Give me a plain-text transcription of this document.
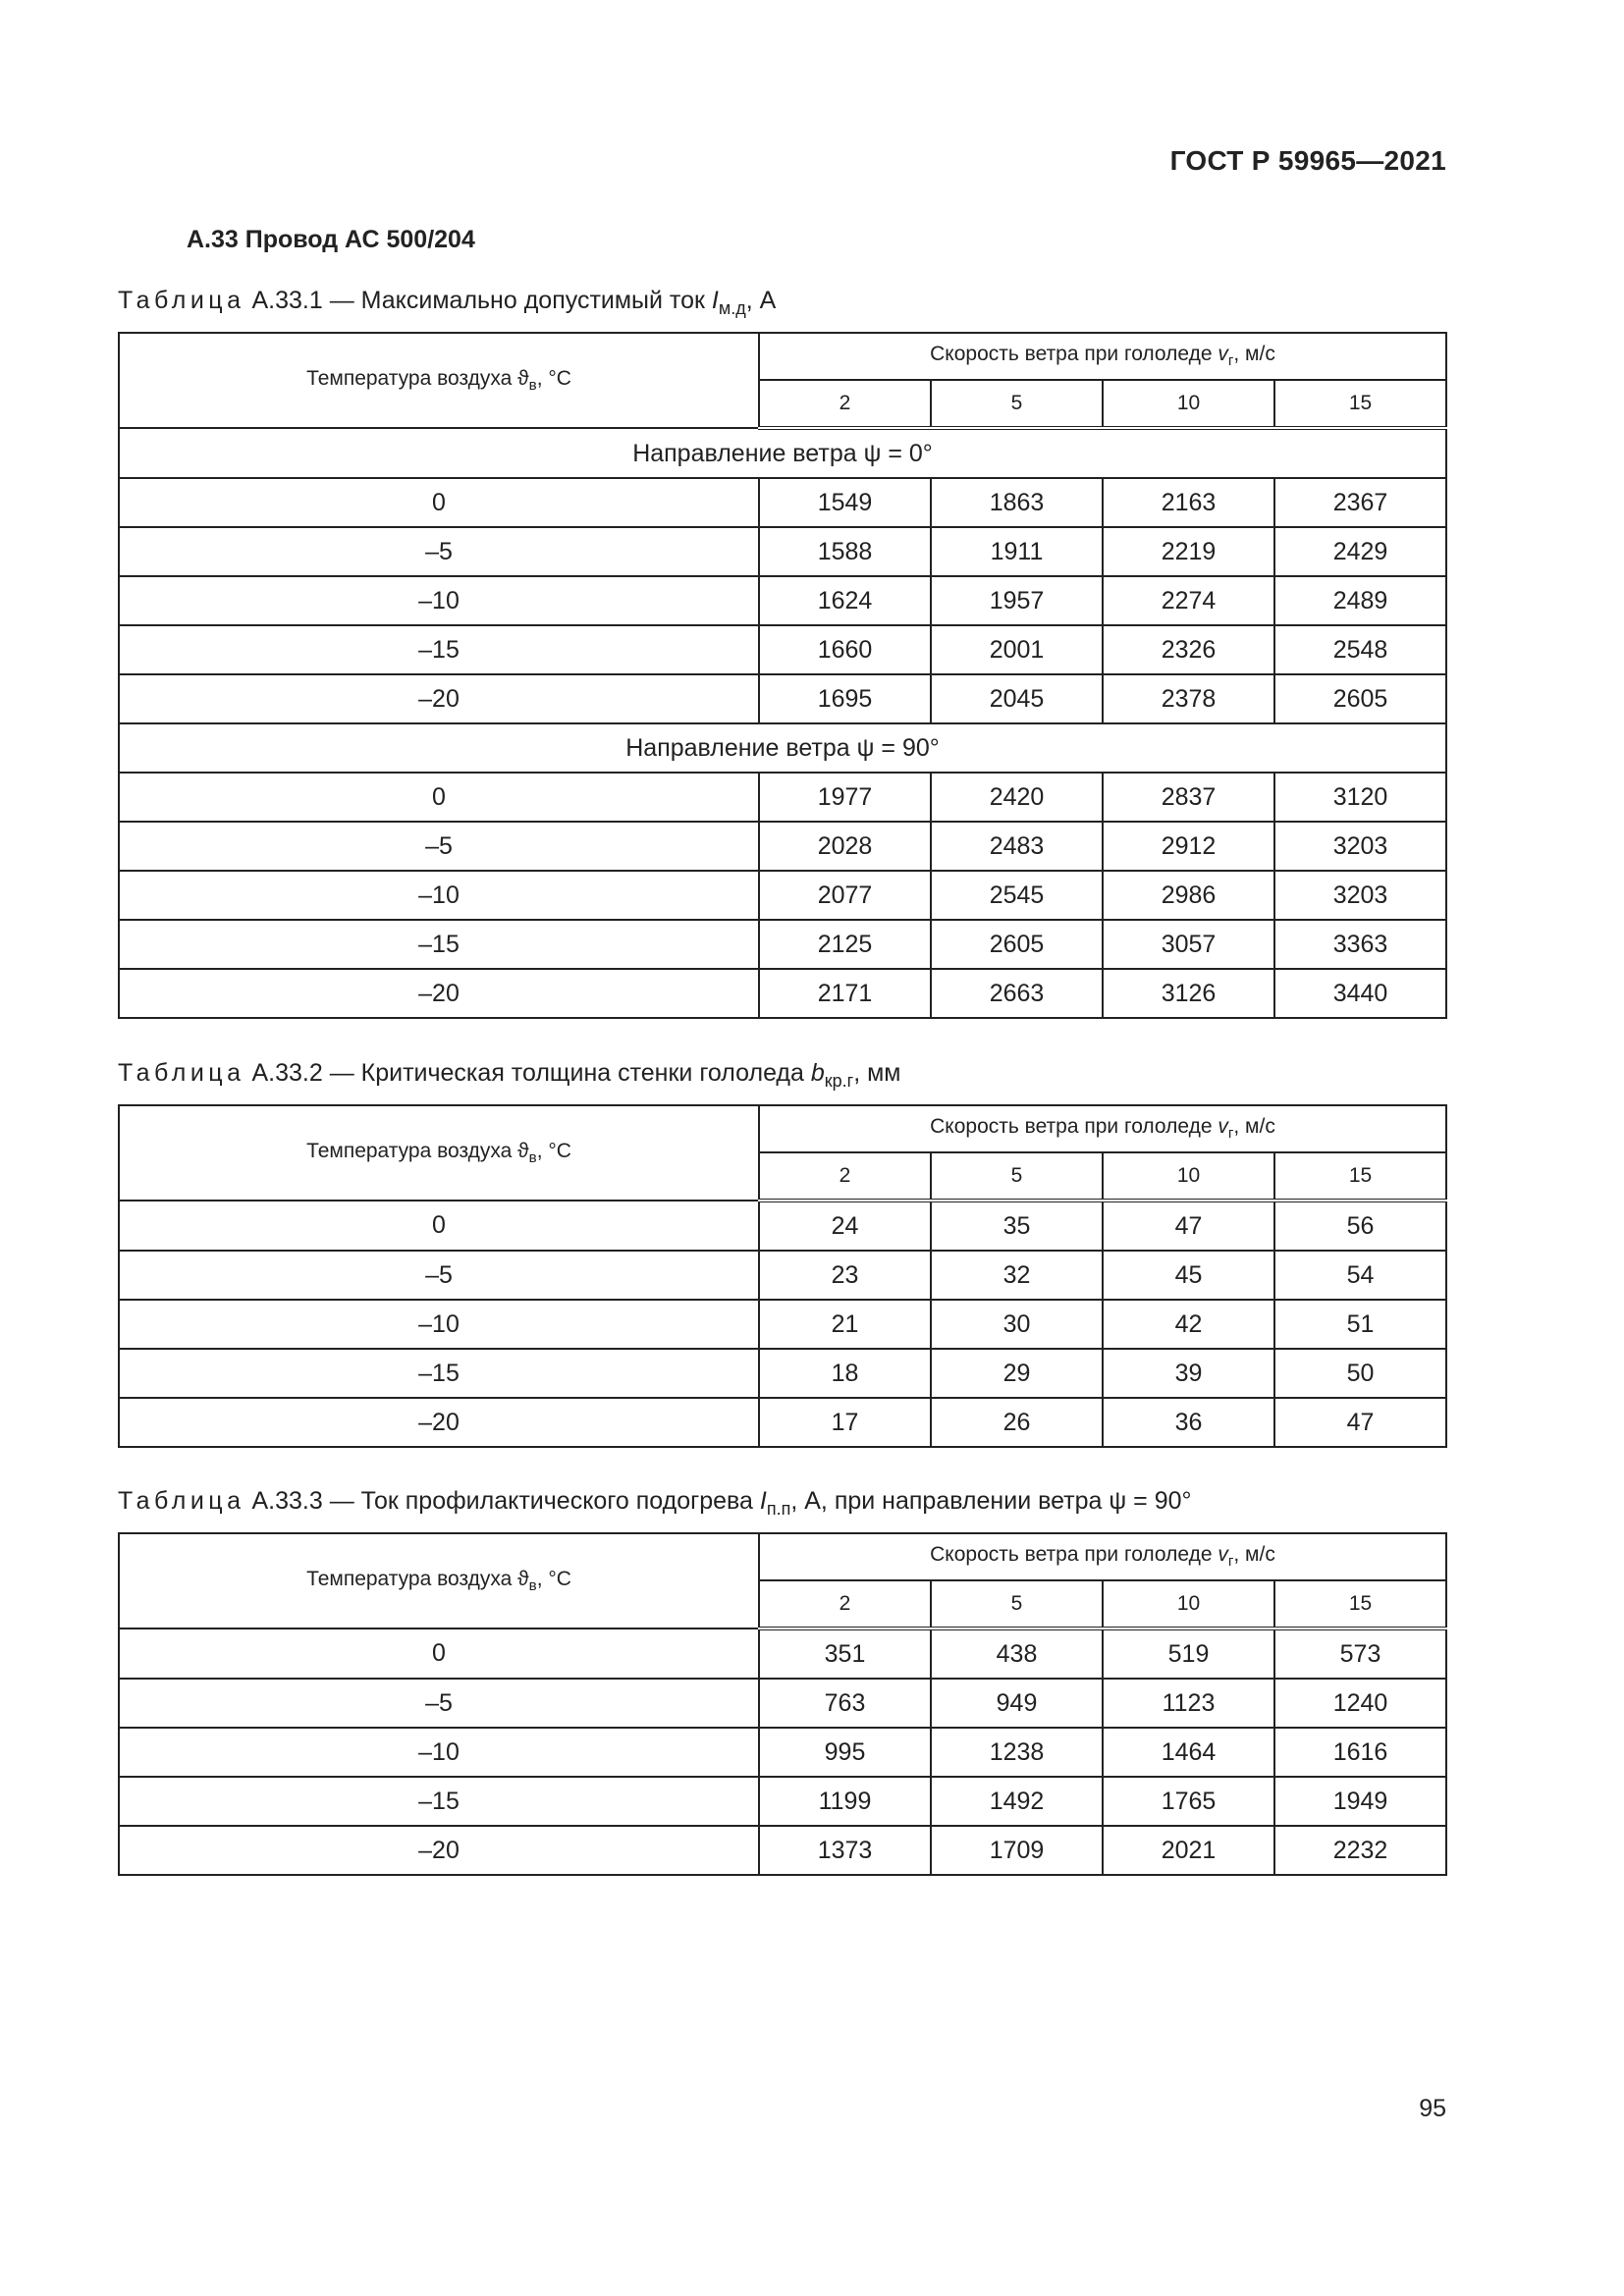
ГОСТ Р 59965—2021
А.33 Провод АС 500/204
Таблица А.33.1 — Максимально допустимый ток $I_{м.д}$, А
Температура воздуха $ϑ_в$, °C	Скорость ветра при гололеде $v_г$, м/с			
	2	5	10	15
Направление ветра ψ = 0°				
0	1549	1863	2163	2367
–5	1588	1911	2219	2429
–10	1624	1957	2274	2489
–15	1660	2001	2326	2548
–20	1695	2045	2378	2605
Направление ветра ψ = 90°				
0	1977	2420	2837	3120
–5	2028	2483	2912	3203
–10	2077	2545	2986	3203
–15	2125	2605	3057	3363
–20	2171	2663	3126	3440
Таблица А.33.2 — Критическая толщина стенки гололеда $b_{кр.г}$, мм
Температура воздуха $ϑ_в$, °C	Скорость ветра при гололеде $v_г$, м/с			
	2	5	10	15
0	24	35	47	56
–5	23	32	45	54
–10	21	30	42	51
–15	18	29	39	50
–20	17	26	36	47
Таблица А.33.3 — Ток профилактического подогрева $I_{п.п}$, А, при направлении ветра ψ = 90°
Температура воздуха $ϑ_в$, °C	Скорость ветра при гололеде $v_г$, м/с			
	2	5	10	15
0	351	438	519	573
–5	763	949	1123	1240
–10	995	1238	1464	1616
–15	1199	1492	1765	1949
–20	1373	1709	2021	2232
95
